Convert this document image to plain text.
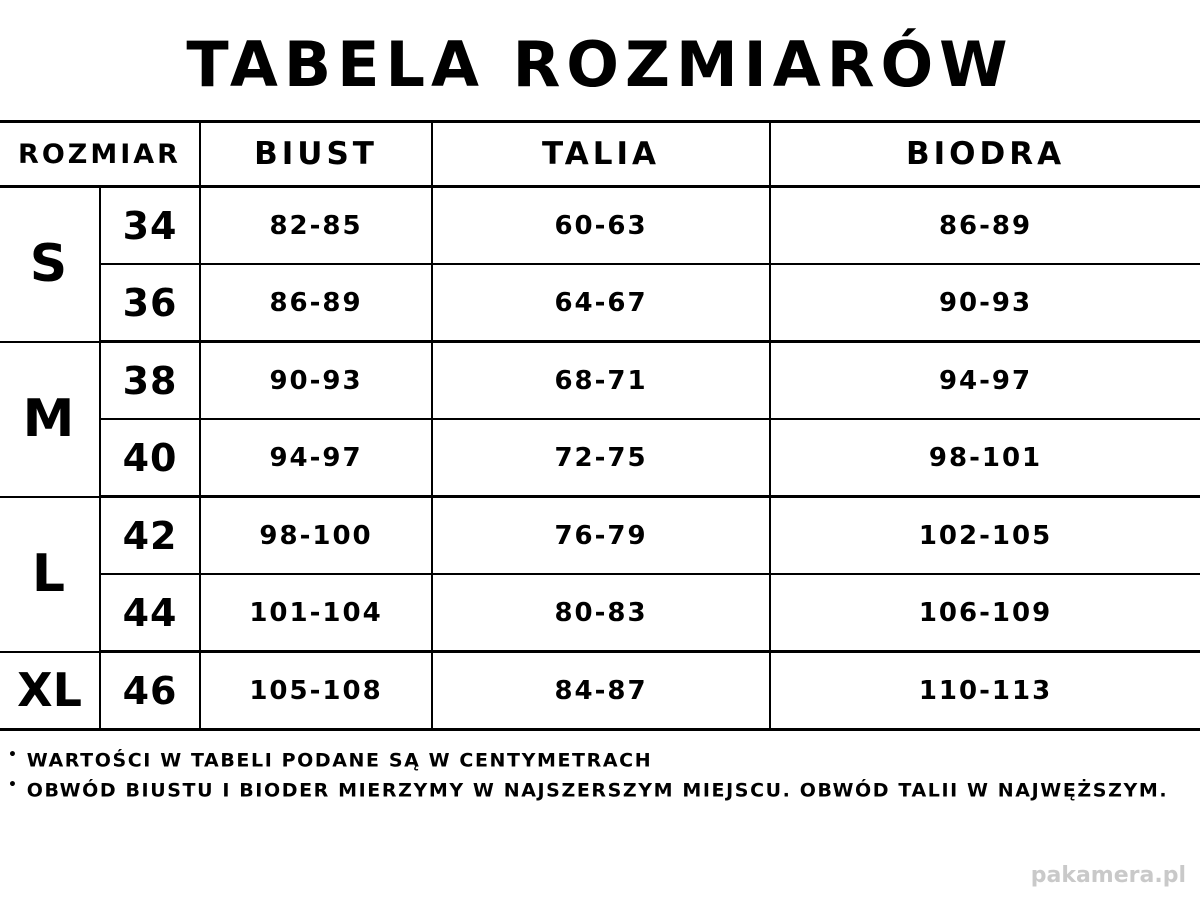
TABELA ROZMIARÓW
ROZMIAR		BIUST	TALIA	BIODRA
S	34	82-85	60-63	86-89
	36	86-89	64-67	90-93
M	38	90-93	68-71	94-97
	40	94-97	72-75	98-101
L	42	98-100	76-79	102-105
	44	101-104	80-83	106-109
XL	46	105-108	84-87	110-113
• WARTOŚCI W TABELI PODANE SĄ W CENTYMETRACH
• OBWÓD BIUSTU I BIODER MIERZYMY W NAJSZERSZYM MIEJSCU. OBWÓD TALII W NAJWĘŻSZYM.
pakamera.pl
